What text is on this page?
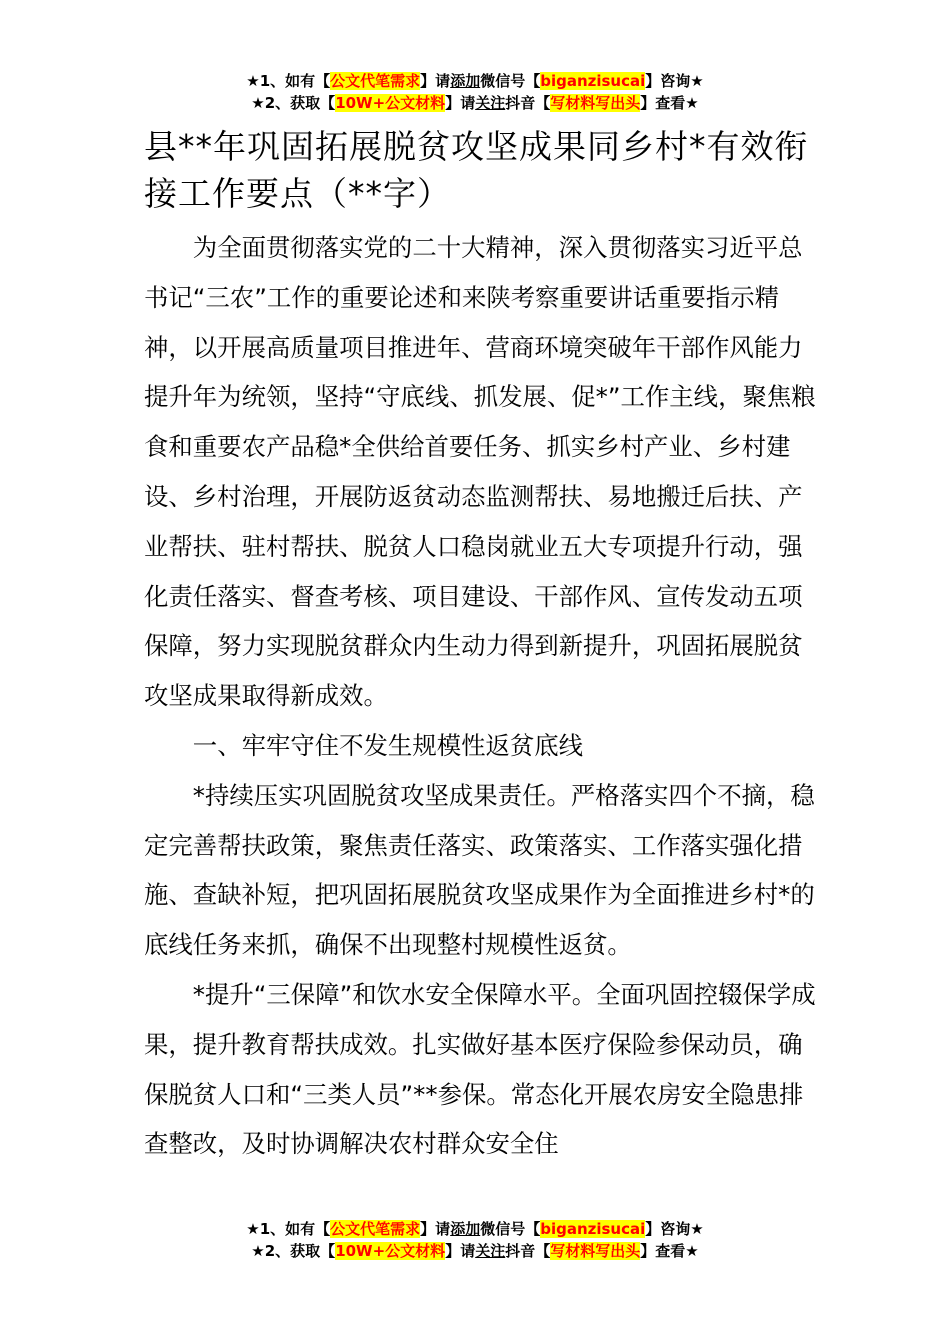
★1、如有【公文代笔需求】请添加微信号【biganzisucai】咨询★
★2、获取【10W+公文材料】请关注抖音【写材料写出头】查看★
县**年巩固拓展脱贫攻坚成果同乡村*有效衔接工作要点（**字）

为全面贯彻落实党的二十大精神，深入贯彻落实习近平总书记“三农”工作的重要论述和来陕考察重要讲话重要指示精神，以开展高质量项目推进年、营商环境突破年干部作风能力提升年为统领，坚持“守底线、抓发展、促*”工作主线，聚焦粮食和重要农产品稳*全供给首要任务、抓实乡村产业、乡村建设、乡村治理，开展防返贫动态监测帮扶、易地搬迁后扶、产业帮扶、驻村帮扶、脱贫人口稳岗就业五大专项提升行动，强化责任落实、督查考核、项目建设、干部作风、宣传发动五项保障，努力实现脱贫群众内生动力得到新提升，巩固拓展脱贫攻坚成果取得新成效。

一、牢牢守住不发生规模性返贫底线

*持续压实巩固脱贫攻坚成果责任。严格落实四个不摘，稳定完善帮扶政策，聚焦责任落实、政策落实、工作落实强化措施、查缺补短，把巩固拓展脱贫攻坚成果作为全面推进乡村*的底线任务来抓，确保不出现整村规模性返贫。

*提升“三保障”和饮水安全保障水平。全面巩固控辍保学成果，提升教育帮扶成效。扎实做好基本医疗保险参保动员，确保脱贫人口和“三类人员”**参保。常态化开展农房安全隐患排查整改，及时协调解决农村群众安全住

★1、如有【公文代笔需求】请添加微信号【biganzisucai】咨询★
★2、获取【10W+公文材料】请关注抖音【写材料写出头】查看★
